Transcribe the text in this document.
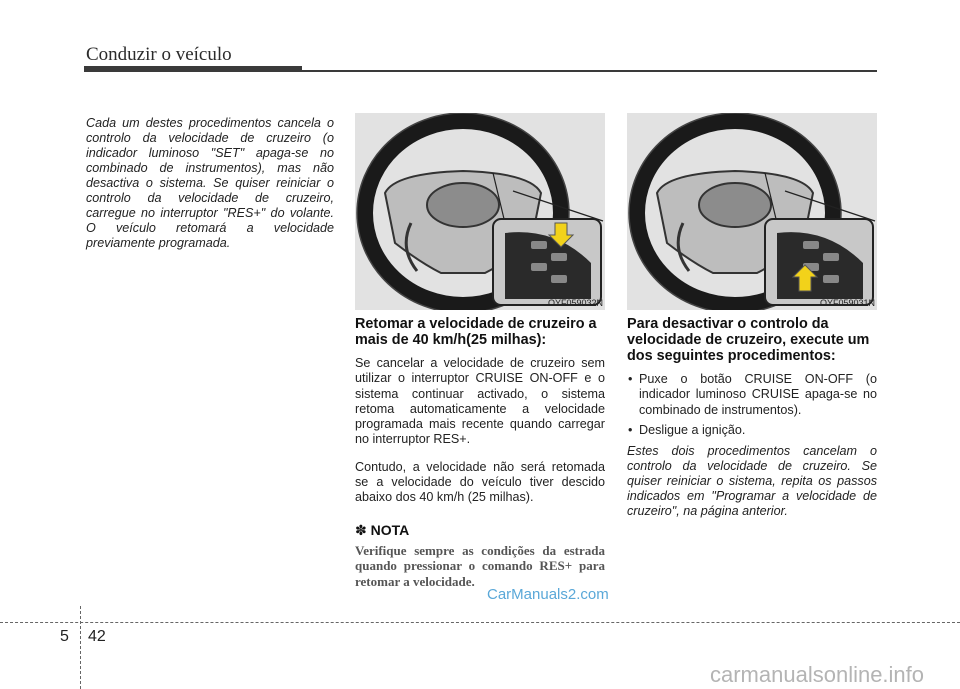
Conduzir o veículo

Cada um destes procedimentos cancela o controlo da velocidade de cruzeiro (o indicador luminoso "SET" apaga-se no combinado de instrumentos), mas não desactiva o sistema. Se quiser reiniciar o controlo da velocidade de cruzeiro, carregue no interruptor "RES+" do volante. O veículo retomará a velocidade previamente programada.

OYF059032N	OYF059031N
Retomar a velocidade de cruzeiro a mais de 40 km/h(25 milhas):

Se cancelar a velocidade de cruzeiro sem utilizar o interruptor CRUISE ON-OFF e o sistema continuar activado, o sistema retoma automaticamente a velocidade programada mais recente quando carregar no interruptor RES+.

Contudo, a velocidade não será retomada se a velocidade do veículo tiver descido abaixo dos 40 km/h (25 milhas).

✽ NOTA

Verifique sempre as condições da estrada quando pressionar o comando RES+ para retomar a velocidade.

Para desactivar o controlo da velocidade de cruzeiro, execute um dos seguintes procedimentos:
• Puxe o botão CRUISE ON-OFF (o indicador luminoso CRUISE apaga-se no combinado de instrumentos).
• Desligue a ignição.

Estes dois procedimentos cancelam o controlo da velocidade de cruzeiro. Se quiser reiniciar o sistema, repita os passos indicados em "Programar a velocidade de cruzeiro", na página anterior.

CarManuals2.com
5 42
carmanualsonline.info
